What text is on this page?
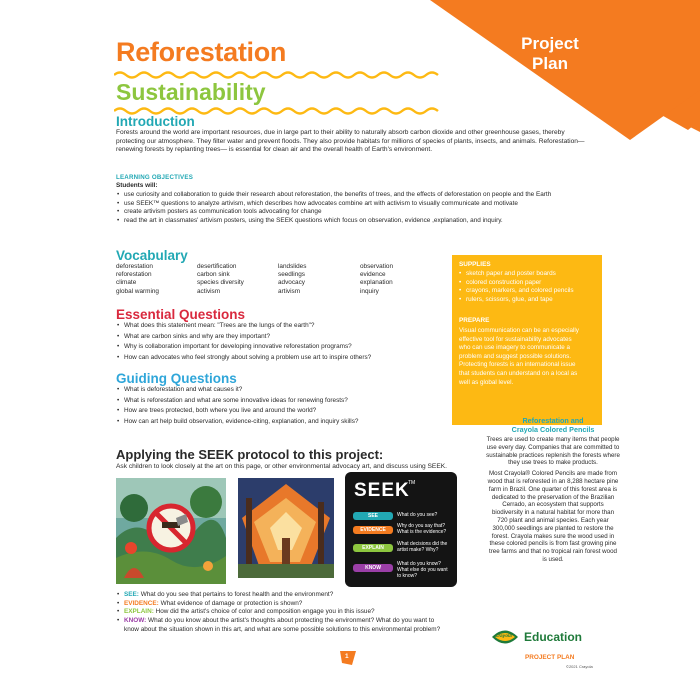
Project
Plan
Reforestation
Sustainability
Introduction
Forests around the world are important resources, due in large part to their ability to naturally absorb carbon dioxide and other greenhouse gases, thereby protecting our atmosphere. They filter water and prevent floods. They also provide habitats for millions of species of plants, insects, and animals. Reforestation—renewing forests by replanting trees— is essential for clean air and the overall health of Earth's environment.
LEARNING OBJECTIVES
Students will:
• use curiosity and collaboration to guide their research about reforestation, the benefits of trees, and the effects of deforestation on people and the Earth
• use SEEK™ questions to analyze artivism, which describes how advocates combine art with activism to visually communicate and motivate
• create artivism posters as communication tools advocating for change
• read the art in classmates' artivism posters, using the SEEK questions which focus on observation, evidence ,explanation, and inquiry.
Vocabulary
deforestation
reforestation
climate
global warming
desertification
carbon sink
species diversity
activism
landslides
seedlings
advocacy
artivism
observation
evidence
explanation
inquiry
Essential Questions
• What does this statement mean: "Trees are the lungs of the earth"?
• What are carbon sinks and why are they important?
• Why is collaboration important for developing innovative reforestation programs?
• How can advocates who feel strongly about solving a problem use art to inspire others?
Guiding Questions
• What is deforestation and what causes it?
• What is reforestation and what are some innovative ideas for renewing forests?
• How are trees protected, both where you live and around the world?
• How can art help build observation, evidence-citing, explanation, and inquiry skills?
SUPPLIES
• sketch paper and poster boards
• colored construction paper
• crayons, markers, and colored pencils
• rulers, scissors, glue, and tape
PREPARE
Visual communication can be an especially effective tool for sustainability advocates who can use imagery to communicate a problem and suggest possible solutions. Protecting forests is an international issue that students can understand on a local as well as global level.
Reforestation and
Crayola Colored Pencils
Trees are used to create many items that people use every day. Companies that are committed to sustainable practices replenish the forests where they use trees to make products.
Most Crayola® Colored Pencils are made from wood that is reforested in an 8,288 hectare pine farm in Brazil. One quarter of this forest area is dedicated to the preservation of the Brazilian Cerrado, an ecosystem that supports biodiversity in a natural habitat for more than 720 plant and animal species. Each year 300,000 seedlings are planted to restore the forest. Crayola makes sure the wood used in these colored pencils is from fast growing pine tree farms and that no tropical rain forest wood is used.
Applying the SEEK protocol to this project:
Ask children to look closely at the art on this page, or other environmental advocacy art, and discuss using SEEK.
SEEK
TM
SEE
EVIDENCE
EXPLAIN
KNOW
What do you see?
Why do you say that? What is the evidence?
What decisions did the artist make? Why?
What do you know? What else do you want to know?
• SEE: What do you see that pertains to forest health and the environment?
• EVIDENCE: What evidence of damage or protection is shown?
• EXPLAIN: How did the artist's choice of color and composition engage you in this issue?
• KNOW: What do you know about the artist's thoughts about protecting the environment? What do you want to know about the situation shown in this art, and what are some possible solutions to this environmental problem?
1
Crayola Education
PROJECT PLAN
©2021 Crayola
